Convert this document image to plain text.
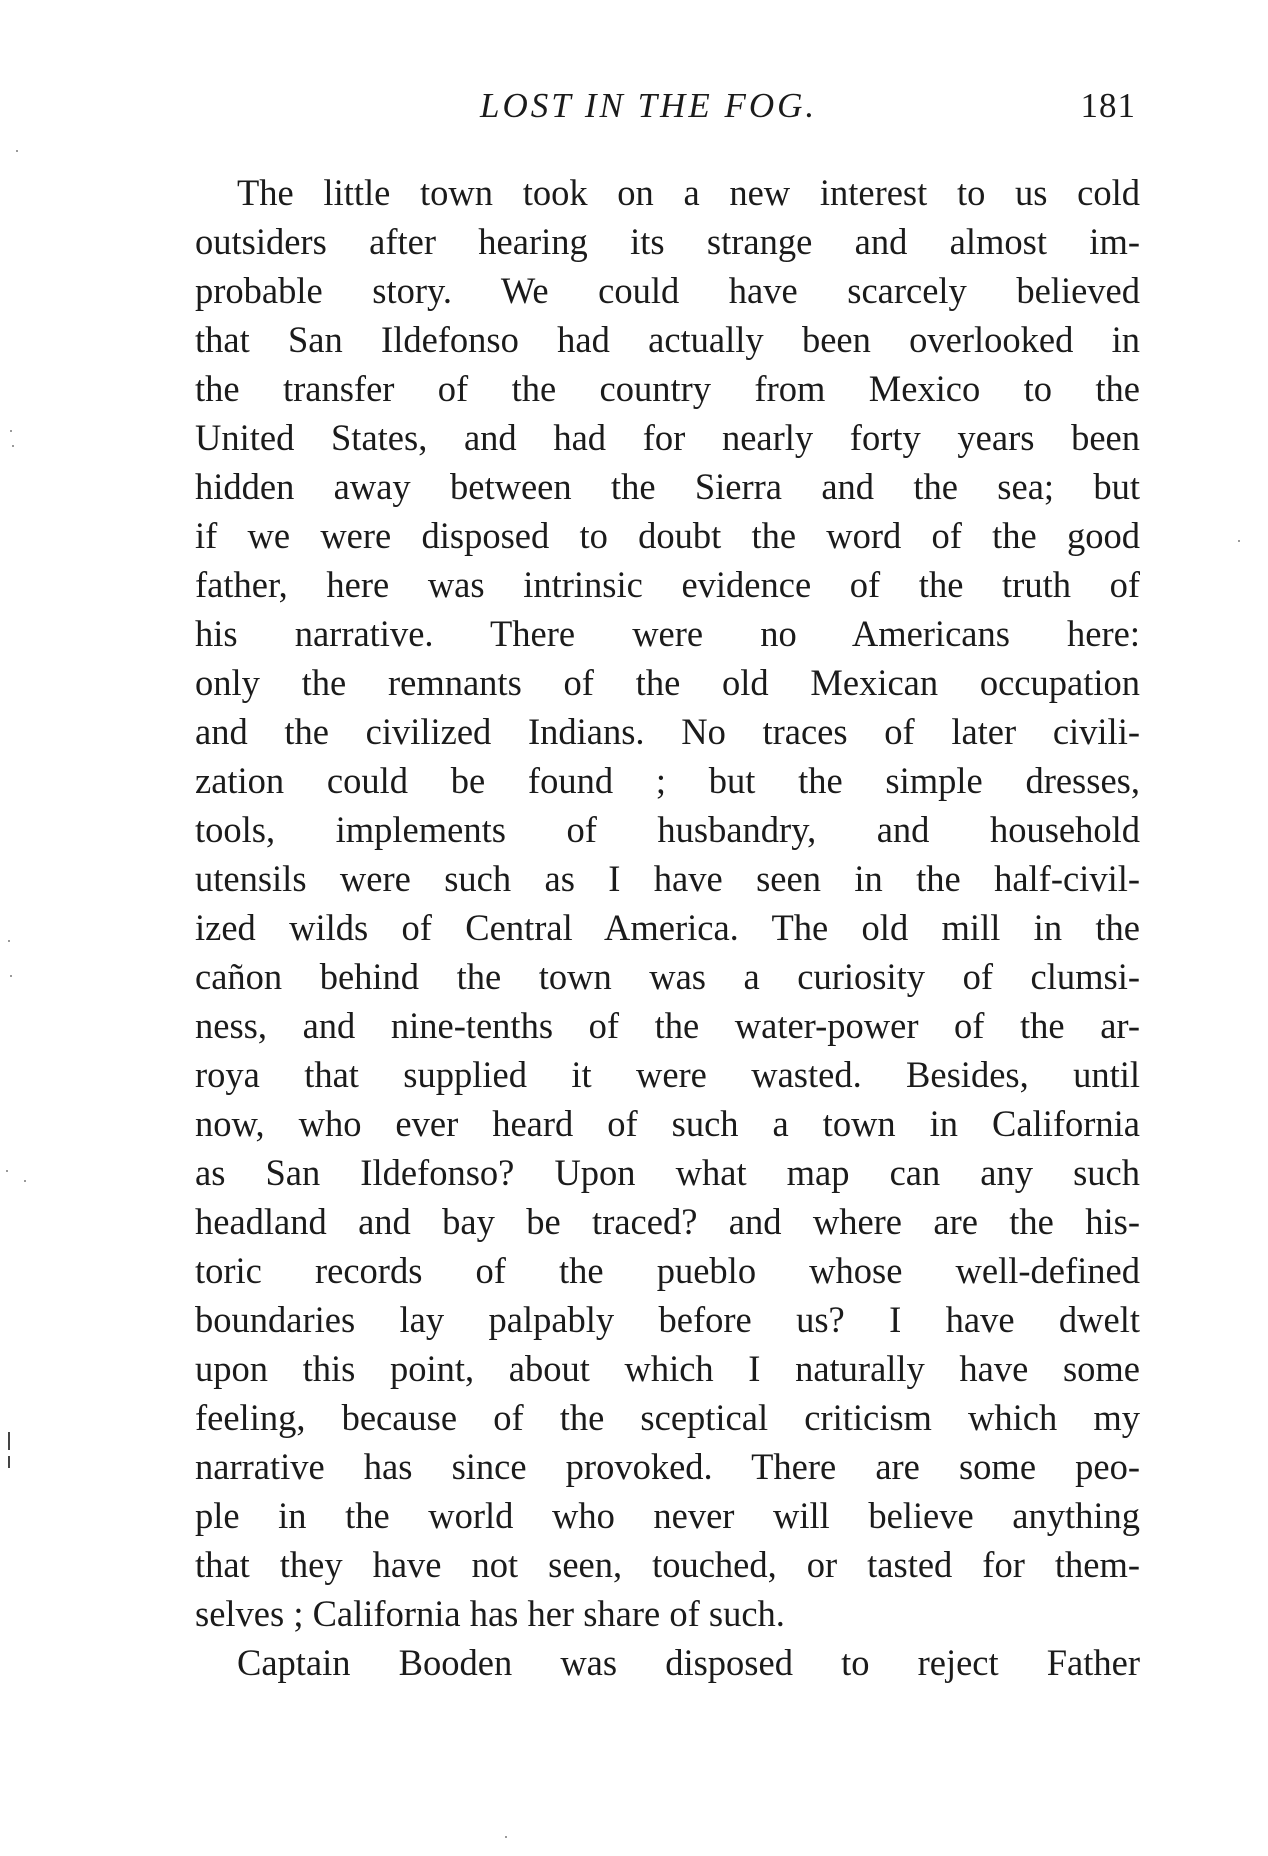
LOST IN THE FOG.	181
The little town took on a new interest to us cold
outsiders after hearing its strange and almost im-
probable story. We could have scarcely believed
that San Ildefonso had actually been overlooked in
the transfer of the country from Mexico to the
United States, and had for nearly forty years been
hidden away between the Sierra and the sea; but
if we were disposed to doubt the word of the good
father, here was intrinsic evidence of the truth of
his narrative. There were no Americans here:
only the remnants of the old Mexican occupation
and the civilized Indians. No traces of later civili-
zation could be found ; but the simple dresses,
tools, implements of husbandry, and household
utensils were such as I have seen in the half-civil-
ized wilds of Central America. The old mill in the
cañon behind the town was a curiosity of clumsi-
ness, and nine-tenths of the water-power of the ar-
roya that supplied it were wasted. Besides, until
now, who ever heard of such a town in California
as San Ildefonso? Upon what map can any such
headland and bay be traced? and where are the his-
toric records of the pueblo whose well-defined
boundaries lay palpably before us? I have dwelt
upon this point, about which I naturally have some
feeling, because of the sceptical criticism which my
narrative has since provoked. There are some peo-
ple in the world who never will believe anything
that they have not seen, touched, or tasted for them-
selves ; California has her share of such.
Captain Booden was disposed to reject Father
